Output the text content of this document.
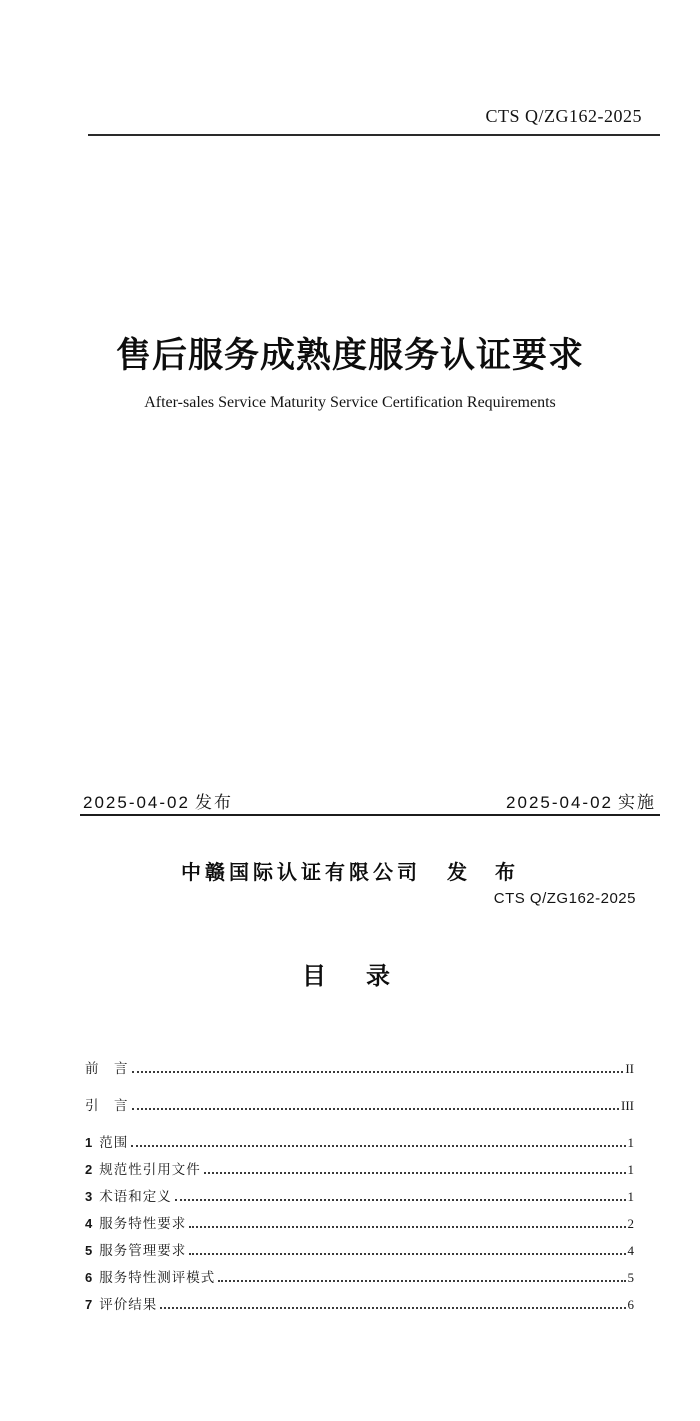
CTS Q/ZG162-2025
售后服务成熟度服务认证要求
After-sales Service Maturity Service Certification Requirements
2025-04-02 发布	2025-04-02 实施
中赣国际认证有限公司 发　布
CTS Q/ZG162-2025
目　录
前　言	II
引　言	III
1 范围	1
2 规范性引用文件	1
3 术语和定义	1
4 服务特性要求	2
5 服务管理要求	4
6 服务特性测评模式	5
7 评价结果	6
